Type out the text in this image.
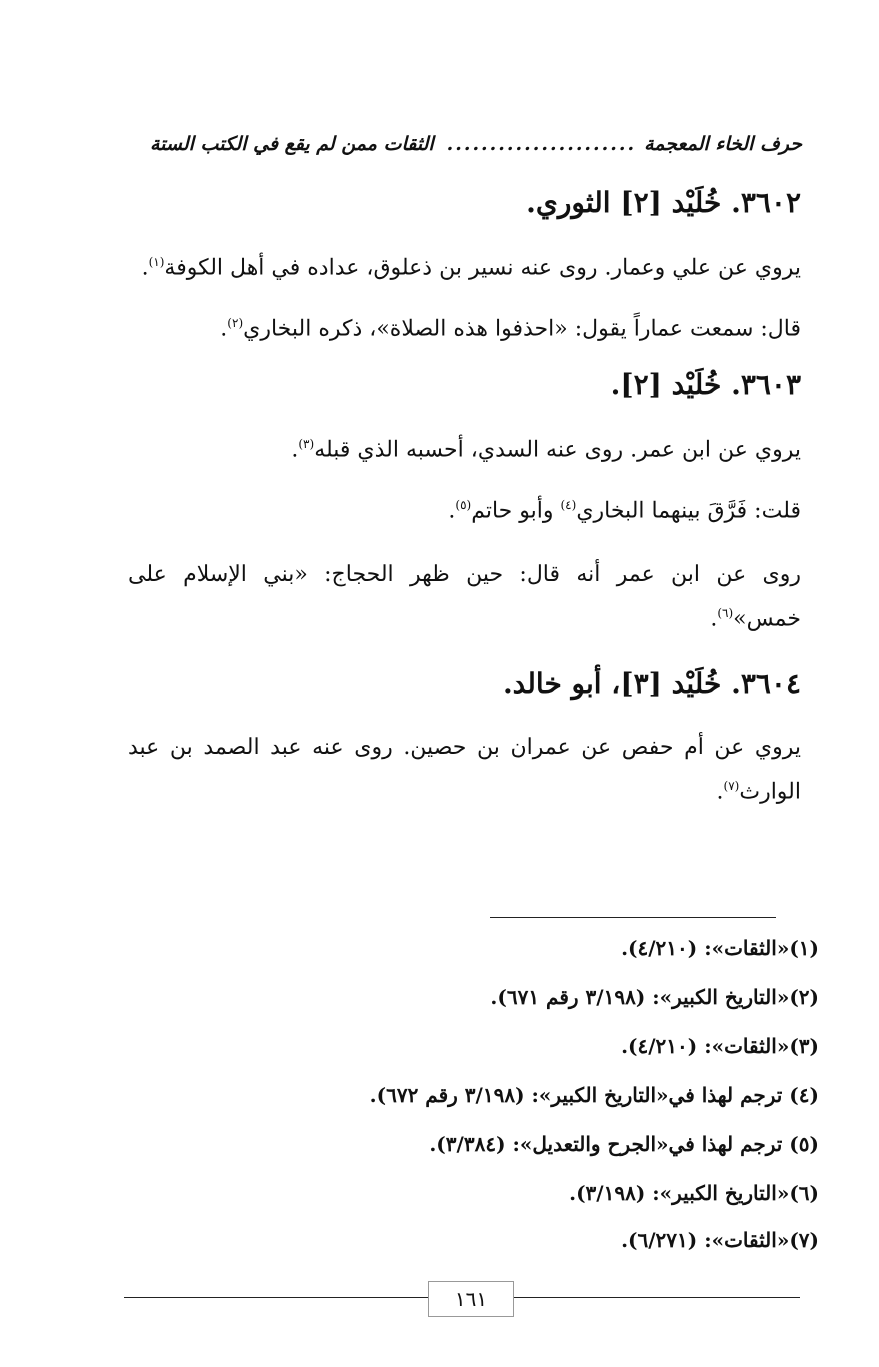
حرف الخاء المعجمة
......................
الثقات ممن لم يقع في الكتب الستة
٣٦٠٢. خُلَيْد [٢] الثوري.
يروي عن علي وعمار. روى عنه نسير بن ذعلوق، عداده في أهل الكوفة$^{(١)}$.
قال: سمعت عماراً يقول: «احذفوا هذه الصلاة»، ذكره البخاري$^{(٢)}$.
٣٦٠٣. خُلَيْد [٢].
يروي عن ابن عمر. روى عنه السدي، أحسبه الذي قبله$^{(٣)}$.
قلت: فَرَّقَ بينهما البخاري$^{(٤)}$ وأبو حاتم$^{(٥)}$.
روى عن ابن عمر أنه قال: حين ظهر الحجاج: «بني الإسلام على
خمس»$^{(٦)}$.
٣٦٠٤. خُلَيْد [٣]، أبو خالد.
يروي عن أم حفص عن عمران بن حصين. روى عنه عبد الصمد بن عبد
الوارث$^{(٧)}$.
(١)«الثقات»: (٤/٢١٠).
(٢)«التاريخ الكبير»: (٣/١٩٨ رقم ٦٧١).
(٣)«الثقات»: (٤/٢١٠).
(٤) ترجم لهذا في«التاريخ الكبير»: (٣/١٩٨ رقم ٦٧٢).
(٥) ترجم لهذا في«الجرح والتعديل»: (٣/٣٨٤).
(٦)«التاريخ الكبير»: (٣/١٩٨).
(٧)«الثقات»: (٦/٢٧١).
١٦١
